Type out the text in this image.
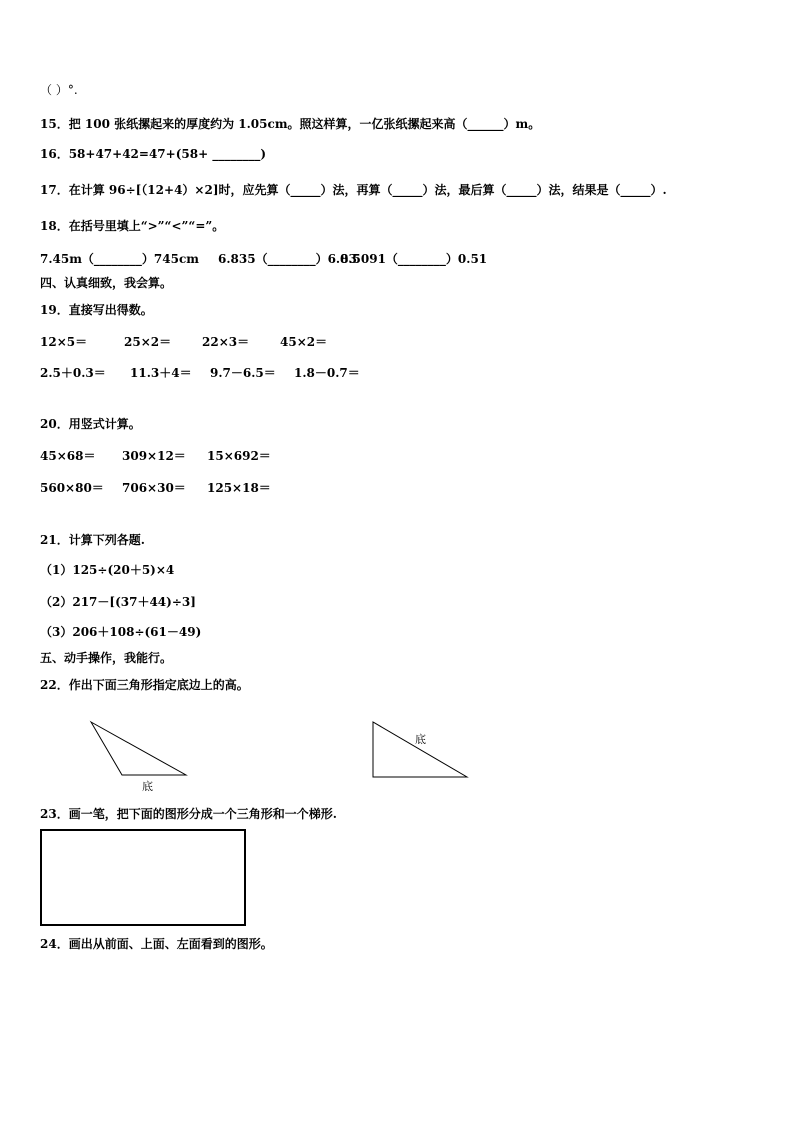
（ ）°.
15．把 100 张纸摞起来的厚度约为 1.05cm。照这样算，一亿张纸摞起来高（______）m。
16．58+47+42=47+(58+ ________)
17．在计算 96÷[（12+4）×2]时，应先算（_____）法，再算（_____）法，最后算（_____）法，结果是（_____）.
18．在括号里填上“>”“<”“=”。
7.45m（________）745cm 6.835（________）6.830.5091（________）0.51
四、认真细致，我会算。
19．直接写出得数。
12×5＝	25×2＝	22×3＝	45×2＝
2.5＋0.3＝ 11.3＋4＝ 9.7－6.5＝ 1.8－0.7＝
20．用竖式计算。
45×68＝ 309×12＝ 15×692＝
560×80＝ 706×30＝ 125×18＝
21．计算下列各题.
（1）125÷(20＋5)×4
（2）217－[(37＋44)÷3]
（3）206＋108÷(61－49)
五、动手操作，我能行。
22．作出下面三角形指定底边上的高。
底
底
23．画一笔，把下面的图形分成一个三角形和一个梯形.
24．画出从前面、上面、左面看到的图形。
